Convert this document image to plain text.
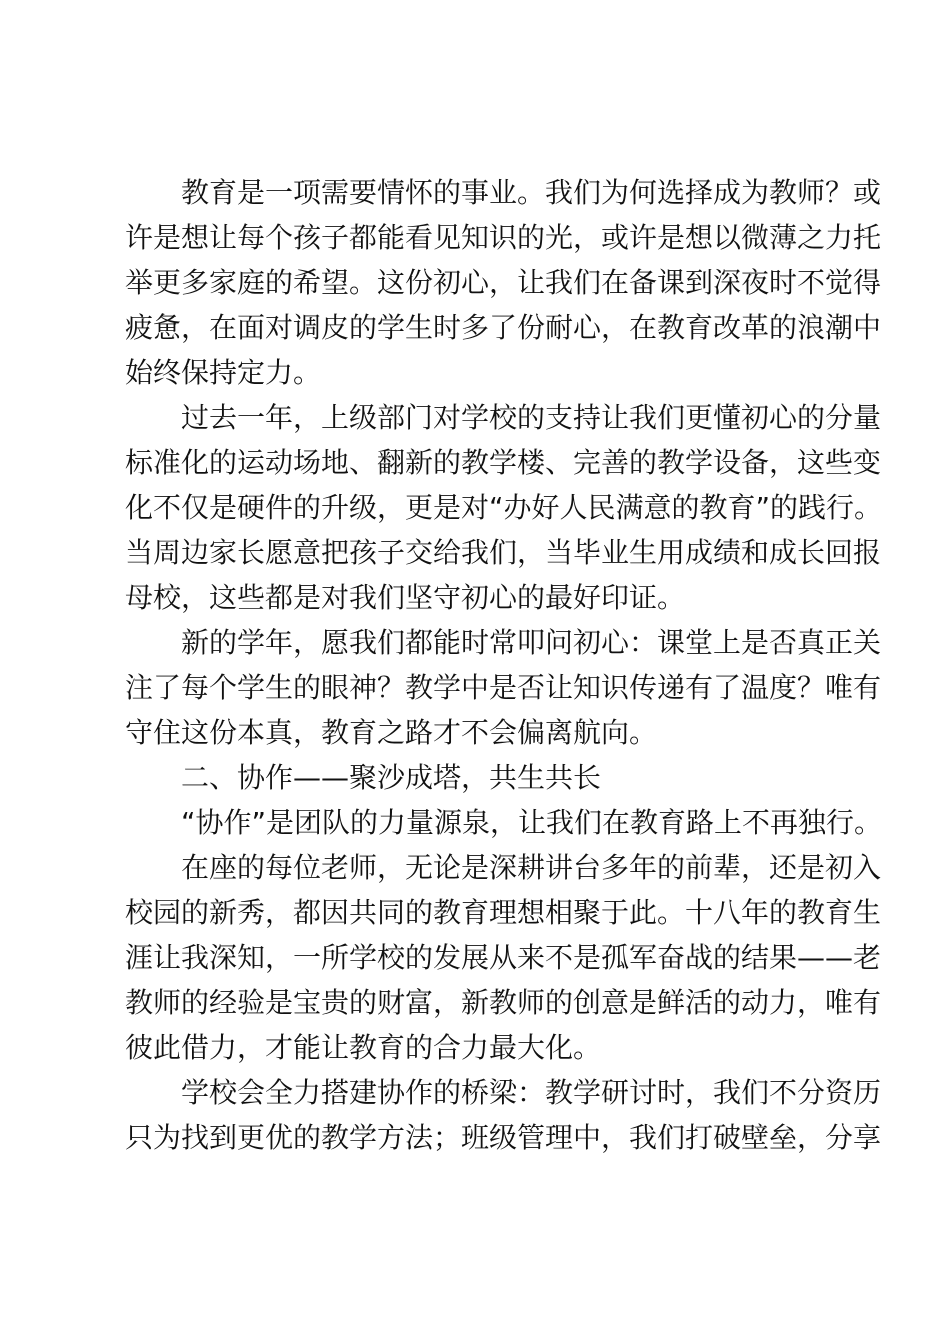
教育是一项需要情怀的事业。我们为何选择成为教师？或
许是想让每个孩子都能看见知识的光，或许是想以微薄之力托
举更多家庭的希望。这份初心，让我们在备课到深夜时不觉得
疲惫，在面对调皮的学生时多了份耐心，在教育改革的浪潮中
始终保持定力。
过去一年，上级部门对学校的支持让我们更懂初心的分量
标准化的运动场地、翻新的教学楼、完善的教学设备，这些变
化不仅是硬件的升级，更是对“办好人民满意的教育”的践行。
当周边家长愿意把孩子交给我们，当毕业生用成绩和成长回报
母校，这些都是对我们坚守初心的最好印证。
新的学年，愿我们都能时常叩问初心：课堂上是否真正关
注了每个学生的眼神？教学中是否让知识传递有了温度？唯有
守住这份本真，教育之路才不会偏离航向。
二、协作——聚沙成塔，共生共长
“协作”是团队的力量源泉，让我们在教育路上不再独行。
在座的每位老师，无论是深耕讲台多年的前辈，还是初入
校园的新秀，都因共同的教育理想相聚于此。十八年的教育生
涯让我深知，一所学校的发展从来不是孤军奋战的结果——老
教师的经验是宝贵的财富，新教师的创意是鲜活的动力，唯有
彼此借力，才能让教育的合力最大化。
学校会全力搭建协作的桥梁：教学研讨时，我们不分资历
只为找到更优的教学方法；班级管理中，我们打破壁垒，分享
